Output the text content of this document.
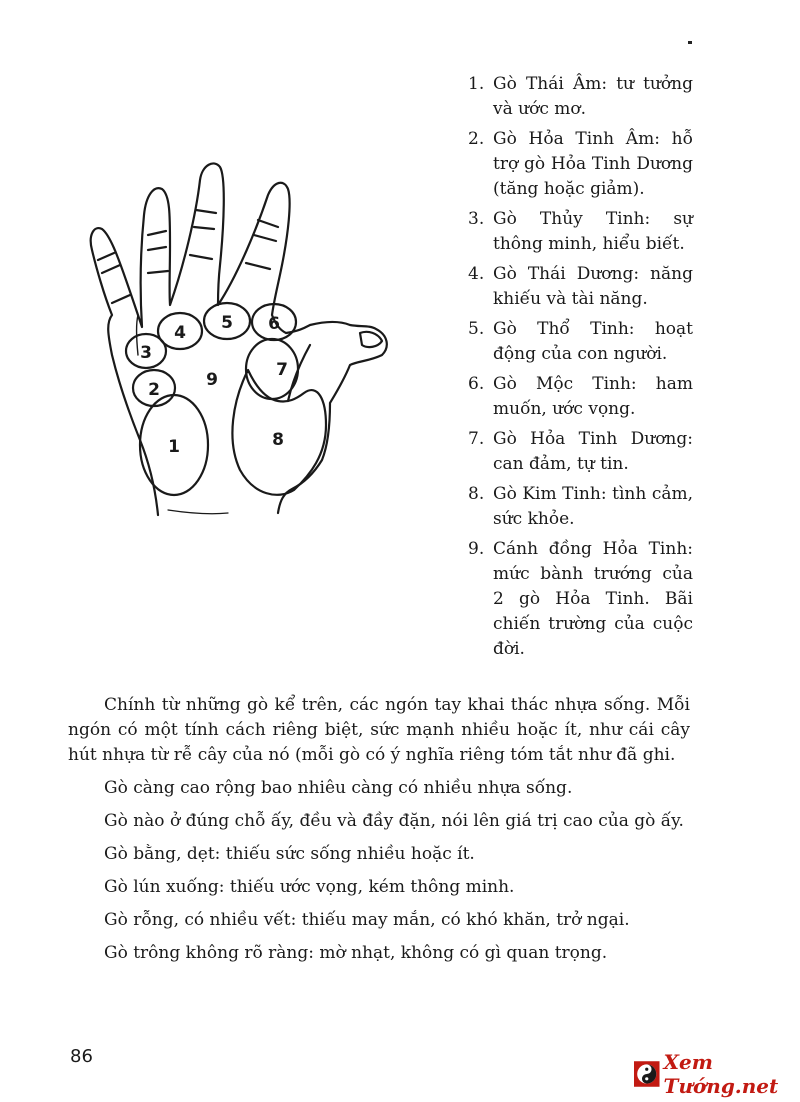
1
2
3
4 5 6
7
8
9
1. Gò Thái Âm: tư tưởng và ước mơ.
2. Gò Hỏa Tinh Âm: hỗ trợ gò Hỏa Tinh Dương (tăng hoặc giảm).
3. Gò Thủy Tinh: sự thông minh, hiểu biết.
4. Gò Thái Dương: năng khiếu và tài năng.
5. Gò Thổ Tinh: hoạt động của con người.
6. Gò Mộc Tinh: ham muốn, ước vọng.
7. Gò Hỏa Tinh Dương: can đảm, tự tin.
8. Gò Kim Tinh: tình cảm, sức khỏe.
9. Cánh đồng Hỏa Tinh: mức bành trướng của 2 gò Hỏa Tinh. Bãi chiến trường của cuộc đời.

Chính từ những gò kể trên, các ngón tay khai thác nhựa sống. Mỗi ngón có một tính cách riêng biệt, sức mạnh nhiều hoặc ít, như cái cây hút nhựa từ rễ cây của nó (mỗi gò có ý nghĩa riêng tóm tắt như đã ghi.

Gò càng cao rộng bao nhiêu càng có nhiều nhựa sống.

Gò nào ở đúng chỗ ấy, đều và đầy đặn, nói lên giá trị cao của gò ấy.

Gò bằng, dẹt: thiếu sức sống nhiều hoặc ít.

Gò lún xuống: thiếu ước vọng, kém thông minh.

Gò rỗng, có nhiều vết: thiếu may mắn, có khó khăn, trở ngại.

Gò trông không rõ ràng: mờ nhạt, không có gì quan trọng.

86	Xem Tướng.net
